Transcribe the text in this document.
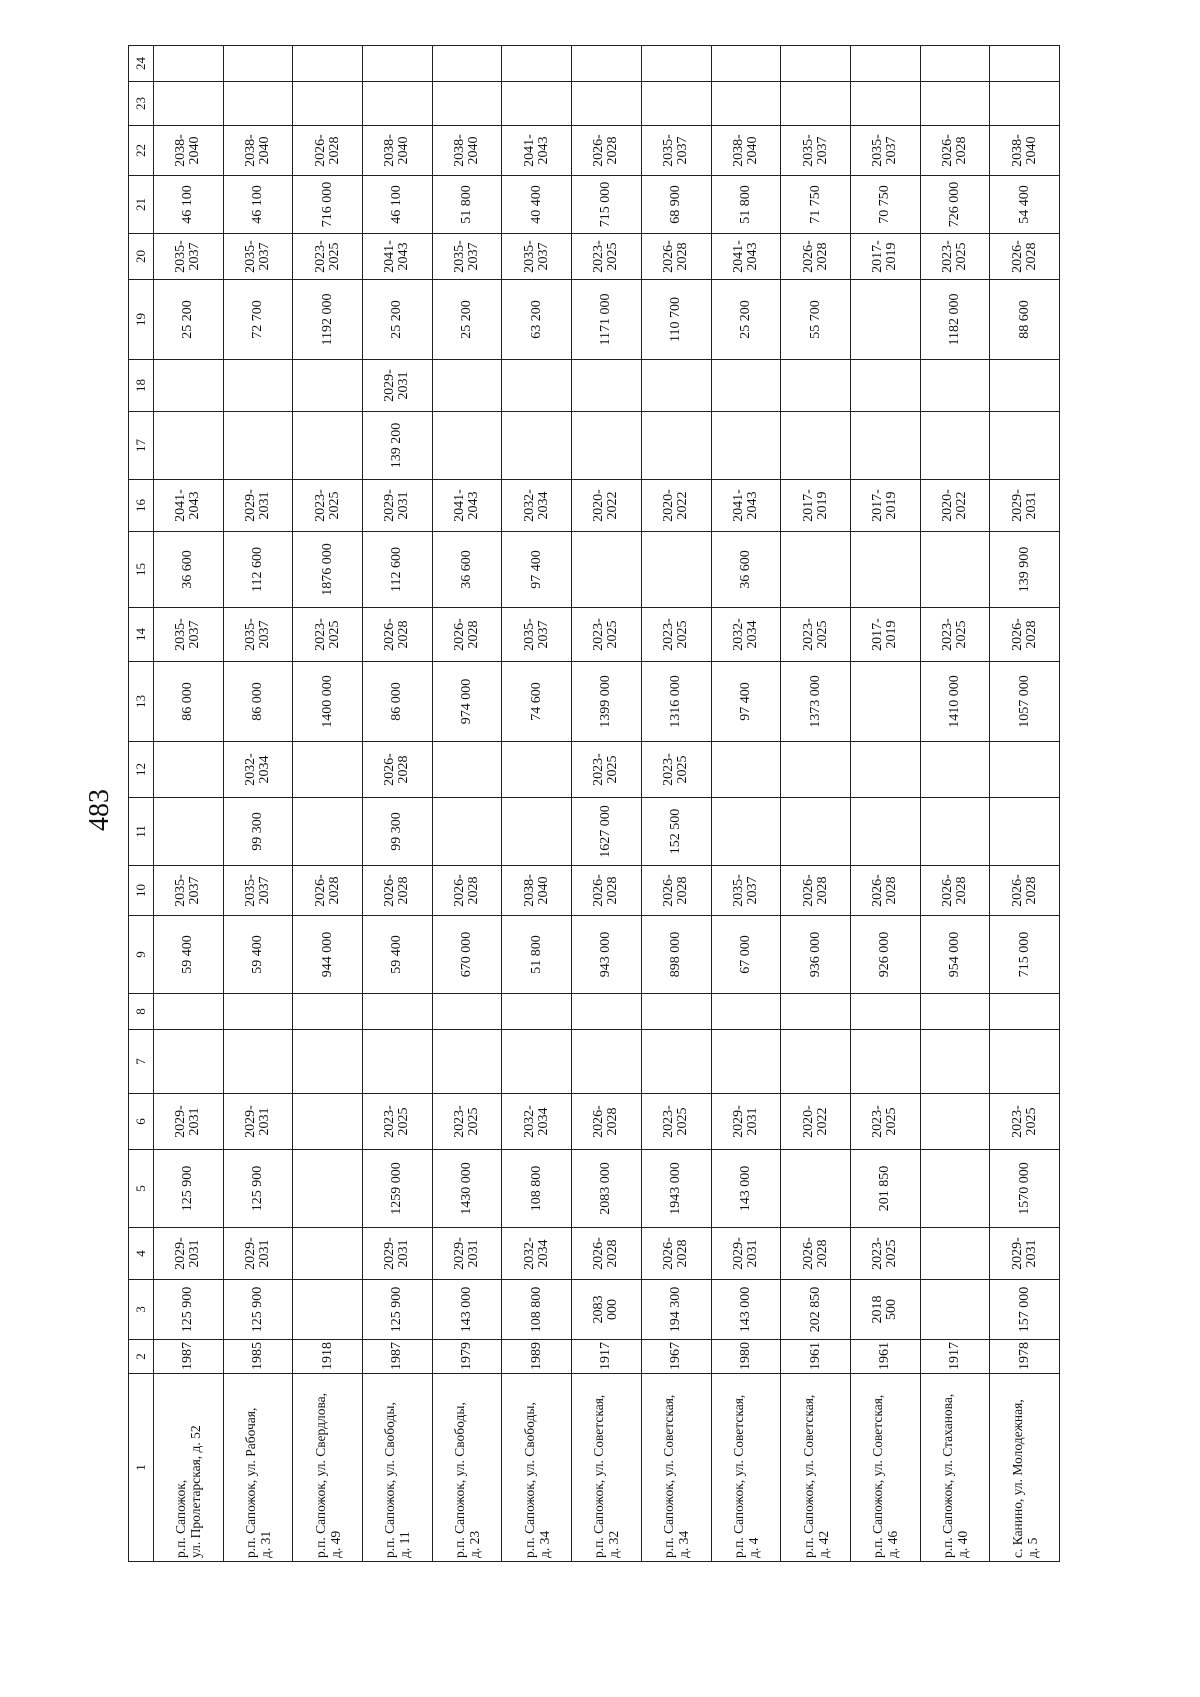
483
1	2	3	4	5	6	7	8	9	10	11	12	13	14	15	16	17	18	19	20	21	22	23	24

р.п. Сапожок,
ул. Пролетарская, д. 52	1987	125 900	2029-
2031	125 900	2029-
2031			59 400	2035-
2037			86 000	2035-
2037	36 600	2041-
2043			25 200	2035-
2037	46 100	2038-
2040		

р.п. Сапожок, ул. Рабочая,
д. 31	1985	125 900	2029-
2031	125 900	2029-
2031			59 400	2035-
2037	99 300	2032-
2034	86 000	2035-
2037	112 600	2029-
2031			72 700	2035-
2037	46 100	2038-
2040		

р.п. Сапожок, ул. Свердлова,
д. 49	1918							944 000	2026-
2028			1400 000	2023-
2025	1876 000	2023-
2025			1192 000	2023-
2025	716 000	2026-
2028		

р.п. Сапожок, ул. Свободы,
д. 11	1987	125 900	2029-
2031	1259 000	2023-
2025			59 400	2026-
2028	99 300	2026-
2028	86 000	2026-
2028	112 600	2029-
2031	139 200	2029-
2031	25 200	2041-
2043	46 100	2038-
2040		

р.п. Сапожок, ул. Свободы,
д. 23	1979	143 000	2029-
2031	1430 000	2023-
2025			670 000	2026-
2028			974 000	2026-
2028	36 600	2041-
2043			25 200	2035-
2037	51 800	2038-
2040		

р.п. Сапожок, ул. Свободы,
д. 34	1989	108 800	2032-
2034	108 800	2032-
2034			51 800	2038-
2040			74 600	2035-
2037	97 400	2032-
2034			63 200	2035-
2037	40 400	2041-
2043		

р.п. Сапожок, ул. Советская,
д. 32	1917	2083
000	2026-
2028	2083 000	2026-
2028			943 000	2026-
2028	1627 000	2023-
2025	1399 000	2023-
2025		2020-
2022			1171 000	2023-
2025	715 000	2026-
2028		

р.п. Сапожок, ул. Советская,
д. 34	1967	194 300	2026-
2028	1943 000	2023-
2025			898 000	2026-
2028	152 500	2023-
2025	1316 000	2023-
2025		2020-
2022			110 700	2026-
2028	68 900	2035-
2037		

р.п. Сапожок, ул. Советская,
д. 4	1980	143 000	2029-
2031	143 000	2029-
2031			67 000	2035-
2037			97 400	2032-
2034	36 600	2041-
2043			25 200	2041-
2043	51 800	2038-
2040		

р.п. Сапожок, ул. Советская,
д. 42	1961	202 850	2026-
2028		2020-
2022			936 000	2026-
2028			1373 000	2023-
2025		2017-
2019			55 700	2026-
2028	71 750	2035-
2037		

р.п. Сапожок, ул. Советская,
д. 46	1961	2018
500	2023-
2025	201 850	2023-
2025			926 000	2026-
2028				2017-
2019		2017-
2019				2017-
2019	70 750	2035-
2037		

р.п. Сапожок, ул. Стаханова,
д. 40	1917							954 000	2026-
2028			1410 000	2023-
2025		2020-
2022			1182 000	2023-
2025	726 000	2026-
2028		

с. Канино, ул. Молодежная,
д. 5	1978	157 000	2029-
2031	1570 000	2023-
2025			715 000	2026-
2028			1057 000	2026-
2028	139 900	2029-
2031			88 600	2026-
2028	54 400	2038-
2040		
